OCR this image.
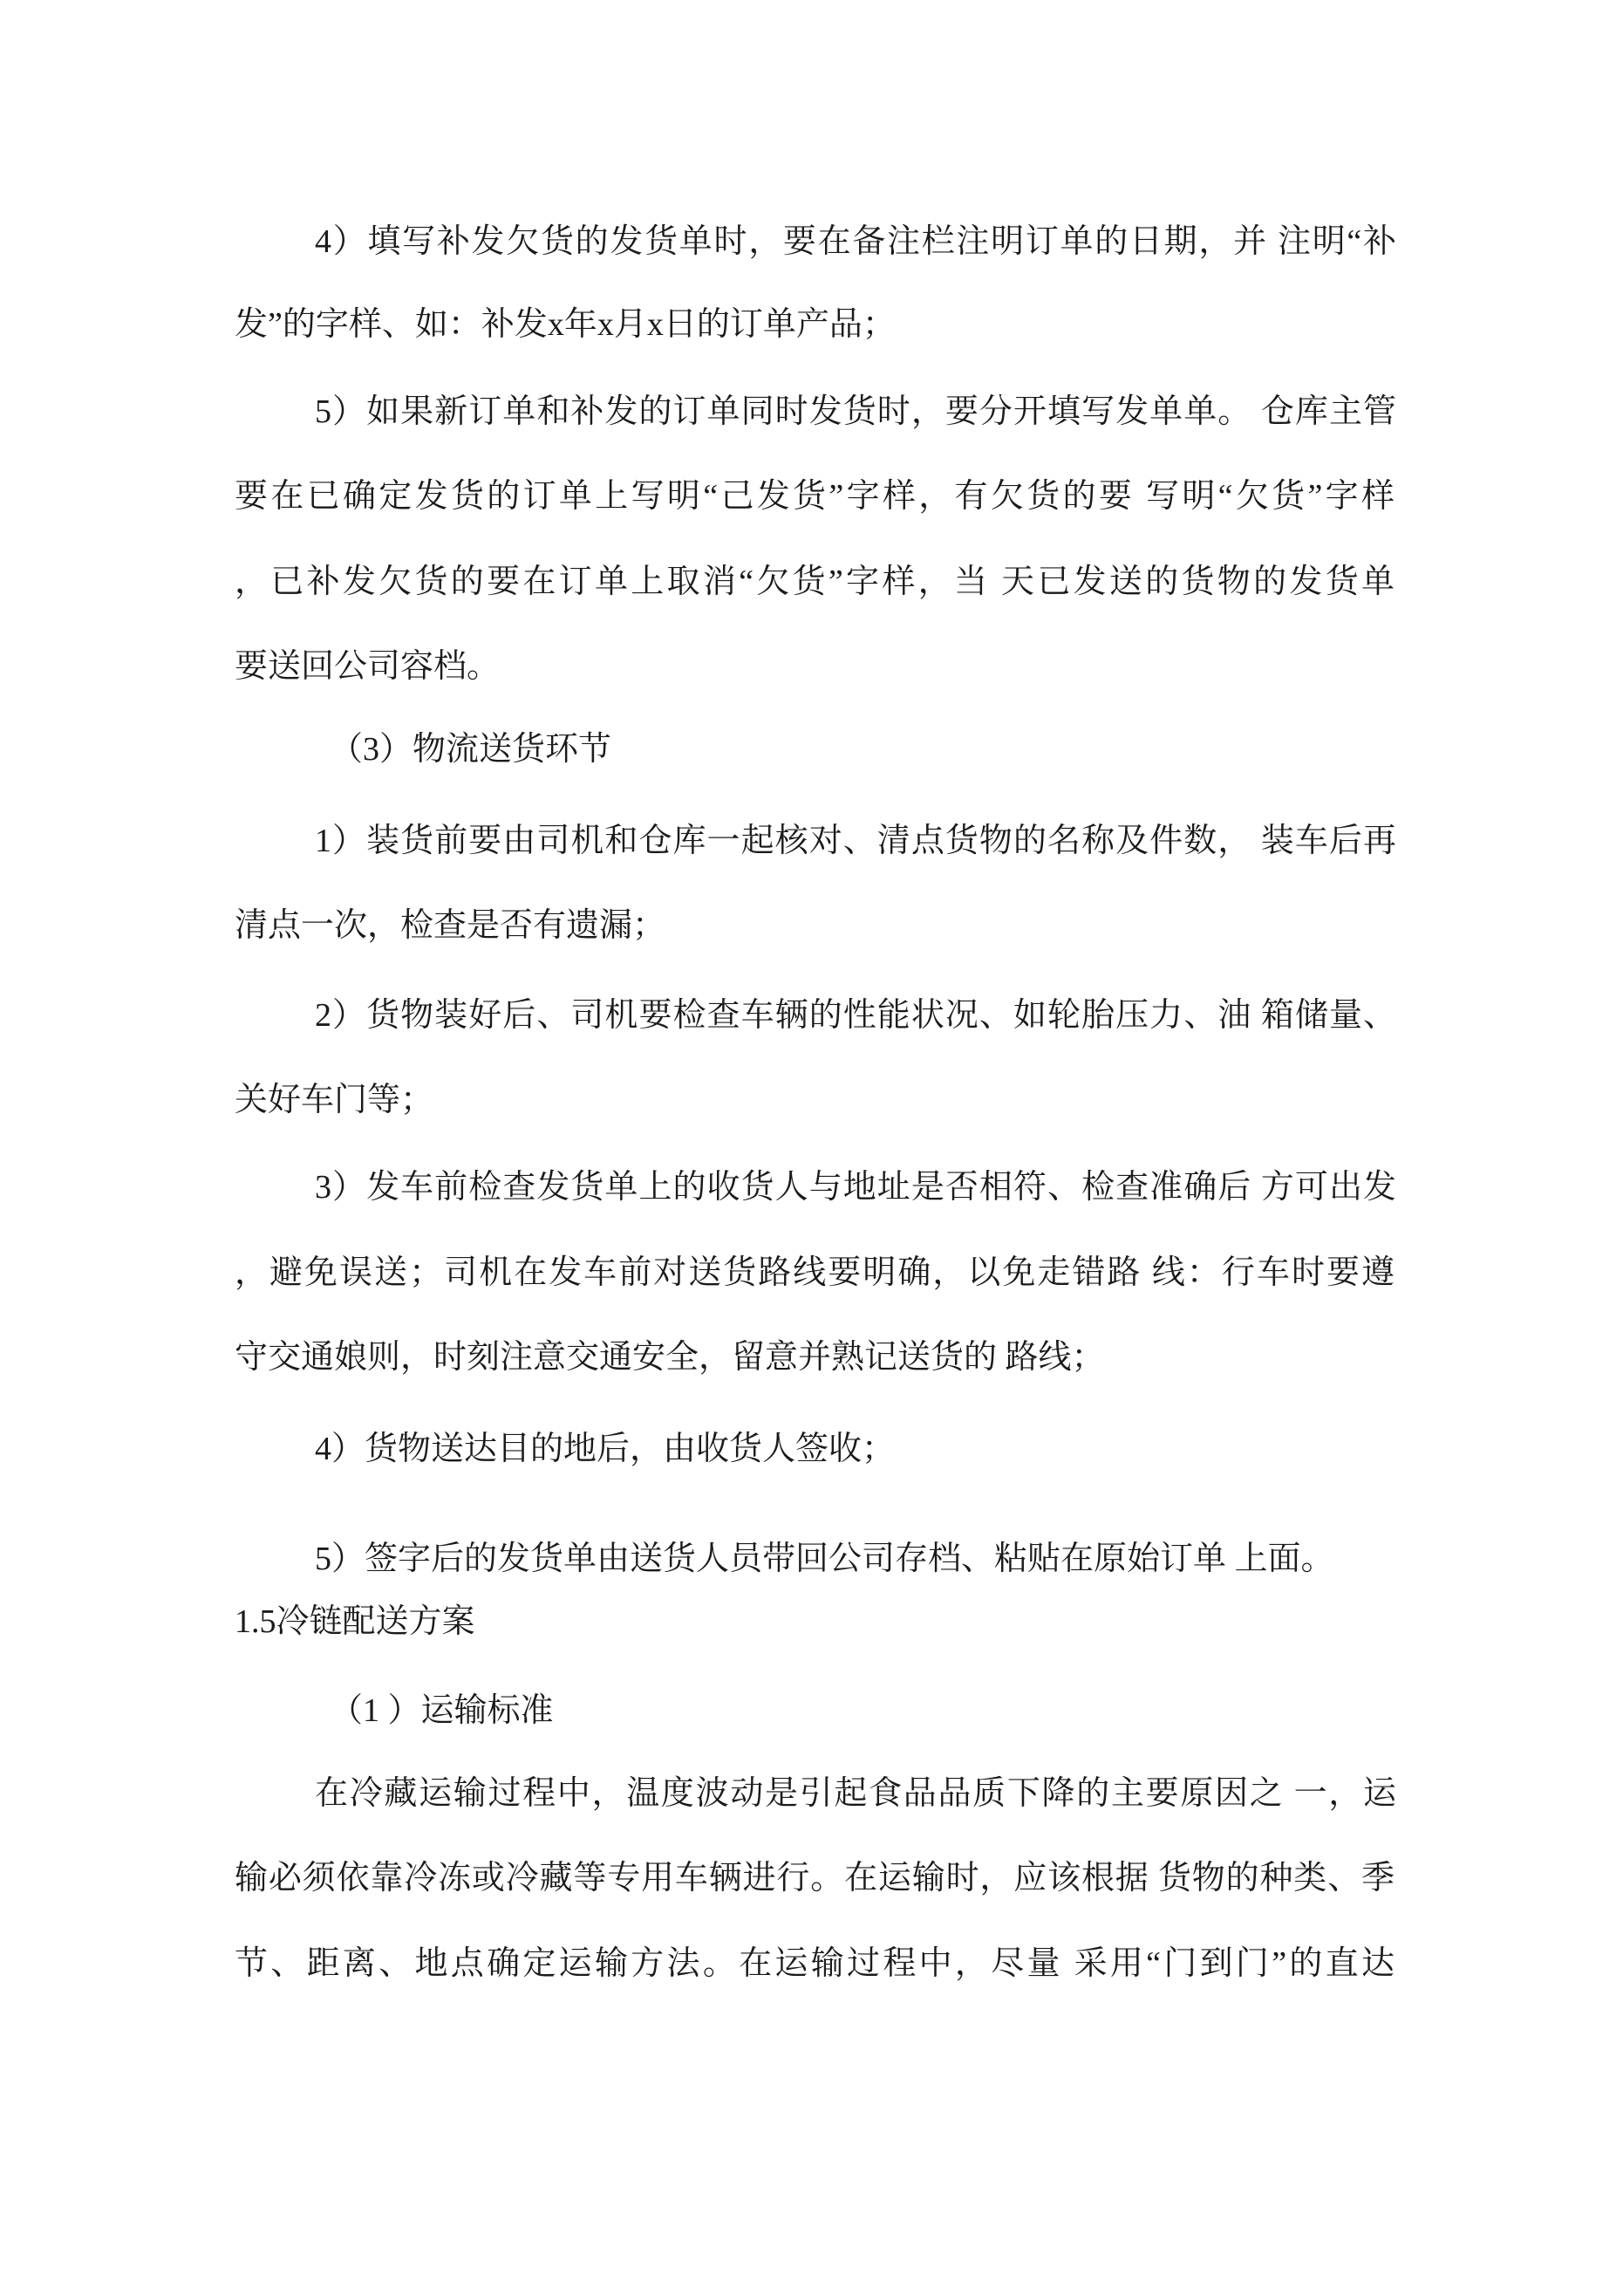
4）填写补发欠货的发货单时，要在备注栏注明订单的日期，并 注明“补
发”的字样、如：补发x年x月x日的订单产品；
5）如果新订单和补发的订单同时发货时，要分开填写发单单。 仓库主管
要在已确定发货的订单上写明“己发货”字样，有欠货的要 写明“欠货”字样
，已补发欠货的要在订单上取消“欠货”字样，当 天已发送的货物的发货单
要送回公司容档。
（3）物流送货环节
1）装货前要由司机和仓库一起核对、清点货物的名称及件数， 装车后再
清点一次，检查是否有遗漏；
2）货物装好后、司机要检查车辆的性能状况、如轮胎压力、油 箱储量、
关好车门等；
3）发车前检查发货单上的收货人与地址是否相符、检查准确后 方可出发
，避免误送；司机在发车前对送货路线要明确，以免走错路 线：行车时要遵
守交通娘则，时刻注意交通安全，留意并熟记送货的 路线；
4）货物送达目的地后，由收货人签收；
5）签字后的发货单由送货人员带回公司存档、粘贴在原始订单 上面。
1.5冷链配送方案
（1 ）运输标准
在冷藏运输过程中，温度波动是引起食品品质下降的主要原因之 一，运
输必须依靠冷冻或冷藏等专用车辆进行。在运输时，应该根据 货物的种类、季
节、距离、地点确定运输方法。在运输过程中，尽量 采用“门到门”的直达
